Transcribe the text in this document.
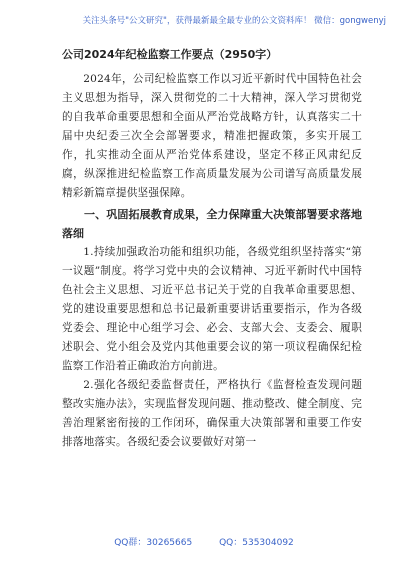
关注头条号"公文研究"，获得最新最全最专业的公文资料库！ 微信：gongwenyj

公司2024年纪检监察工作要点（2950字）

2024年，公司纪检监察工作以习近平新时代中国特色社会主义思想为指导，深入贯彻党的二十大精神，深入学习贯彻党的自我革命重要思想和全面从严治党战略方针，认真落实二十届中央纪委三次全会部署要求，精准把握政策，多实开展工作，扎实推动全面从严治党体系建设，坚定不移正风肃纪反腐，纵深推进纪检监察工作高质量发展为公司谱写高质量发展精彩新篇章提供坚强保障。

一、巩固拓展教育成果，全力保障重大决策部署要求落地落细

1.持续加强政治功能和组织功能，各级党组织坚持落实“第一议题”制度。将学习党中央的会议精神、习近平新时代中国特色社会主义思想、习近平总书记关于党的自我革命重要思想、党的建设重要思想和总书记最新重要讲话重要指示，作为各级党委会、理论中心组学习会、必会、支部大会、支委会、履职述职会、党小组会及党内其他重要会议的第一项议程确保纪检监察工作沿着正确政治方向前进。

2.强化各级纪委监督责任，严格执行《监督检查发现问题整改实施办法》，实现监督发现问题、推动整改、健全制度、完善治理紧密衔接的工作闭环，确保重大决策部署和重要工作安排落地落实。各级纪委会议要做好对第一

QQ群：30265665	QQ：535304092
